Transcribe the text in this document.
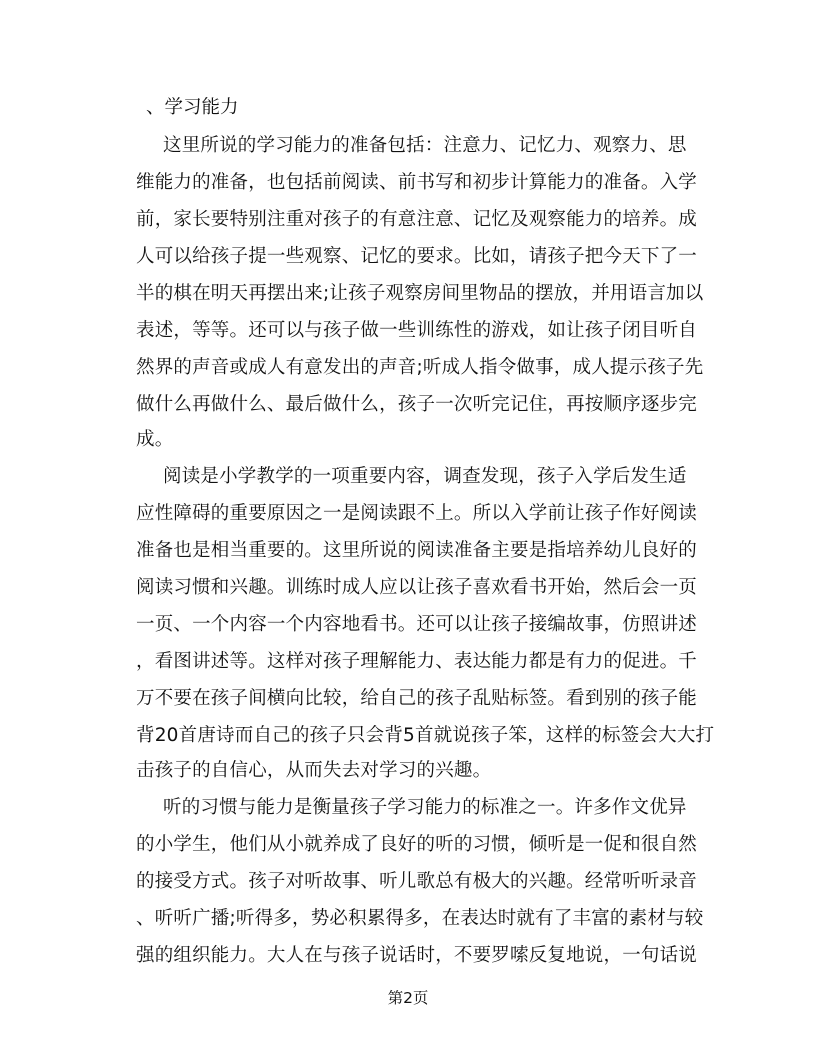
、学习能力

这里所说的学习能力的准备包括：注意力、记忆力、观察力、思

维能力的准备，也包括前阅读、前书写和初步计算能力的准备。入学

前，家长要特别注重对孩子的有意注意、记忆及观察能力的培养。成

人可以给孩子提一些观察、记忆的要求。比如，请孩子把今天下了一

半的棋在明天再摆出来;让孩子观察房间里物品的摆放，并用语言加以

表述，等等。还可以与孩子做一些训练性的游戏，如让孩子闭目听自

然界的声音或成人有意发出的声音;听成人指令做事，成人提示孩子先

做什么再做什么、最后做什么，孩子一次听完记住，再按顺序逐步完

成。

阅读是小学教学的一项重要内容，调查发现，孩子入学后发生适

应性障碍的重要原因之一是阅读跟不上。所以入学前让孩子作好阅读

准备也是相当重要的。这里所说的阅读准备主要是指培养幼儿良好的

阅读习惯和兴趣。训练时成人应以让孩子喜欢看书开始，然后会一页

一页、一个内容一个内容地看书。还可以让孩子接编故事，仿照讲述

，看图讲述等。这样对孩子理解能力、表达能力都是有力的促进。千

万不要在孩子间横向比较，给自己的孩子乱贴标签。看到别的孩子能

背20首唐诗而自己的孩子只会背5首就说孩子笨，这样的标签会大大打

击孩子的自信心，从而失去对学习的兴趣。

听的习惯与能力是衡量孩子学习能力的标准之一。许多作文优异

的小学生，他们从小就养成了良好的听的习惯，倾听是一促和很自然

的接受方式。孩子对听故事、听儿歌总有极大的兴趣。经常听听录音

、听听广播;听得多，势必积累得多，在表达时就有了丰富的素材与较

强的组织能力。大人在与孩子说话时，不要罗嗦反复地说，一句话说

第2页
